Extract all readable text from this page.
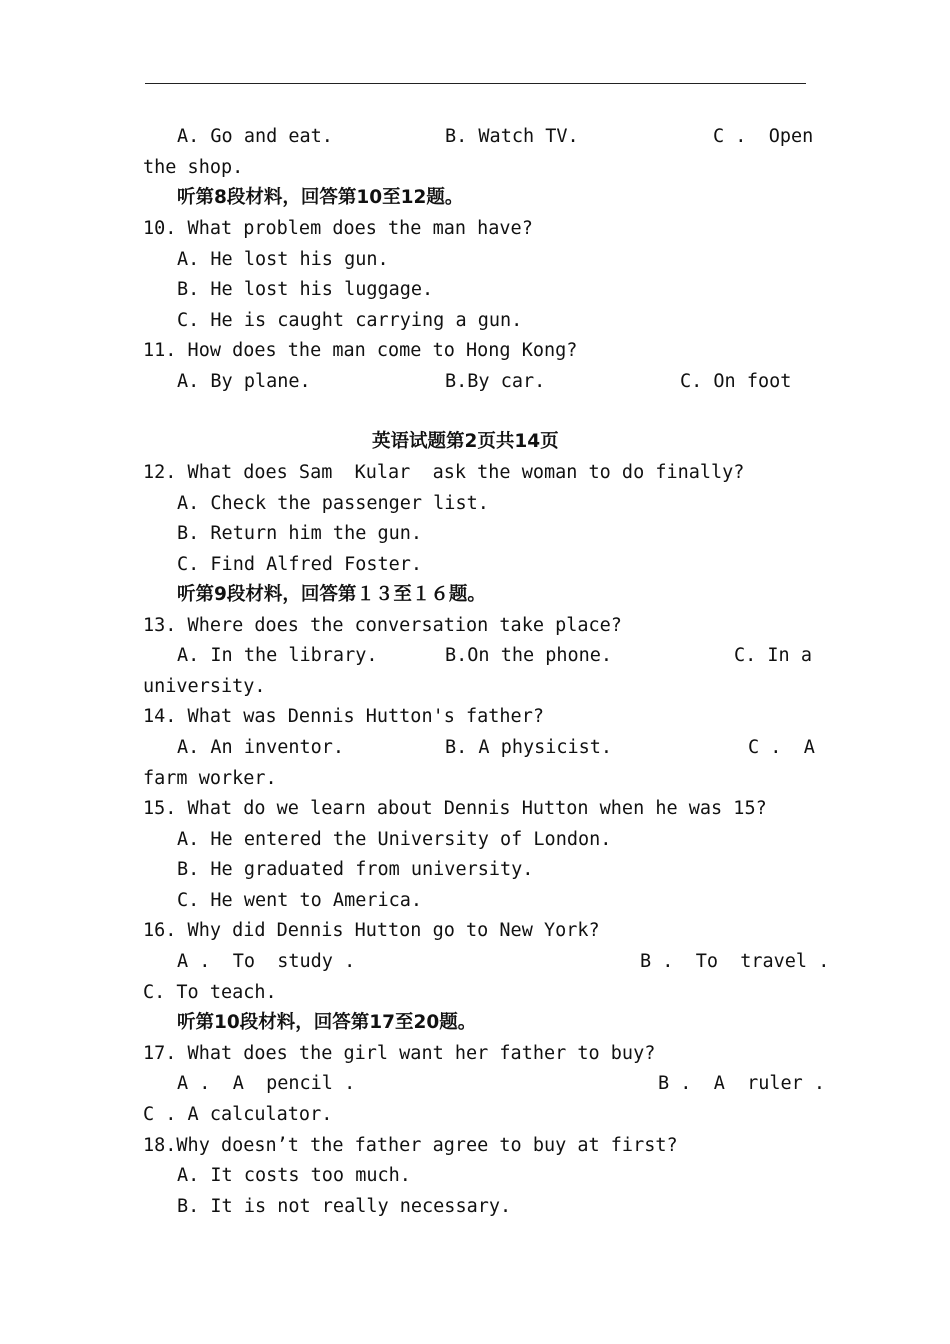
A. Go and eat.	B. Watch TV.	C .  Open
the shop.
听第8段材料，回答第10至12题。
10. What problem does the man have?
A. He lost his gun.
B. He lost his luggage.
C. He is caught carrying a gun.
11. How does the man come to Hong Kong?
A. By plane.	B.By car.	C. On foot
英语试题第2页共14页
12. What does Sam  Kular  ask the woman to do finally?
A. Check the passenger list.
B. Return him the gun.
C. Find Alfred Foster.
听第9段材料，回答第１３至１６题。
13. Where does the conversation take place?
A. In the library.	B.On the phone.	C. In a
university.
14. What was Dennis Hutton's father?
A. An inventor.	B. A physicist.	C .  A
farm worker.
15. What do we learn about Dennis Hutton when he was 15?
A. He entered the University of London.
B. He graduated from university.
C. He went to America.
16. Why did Dennis Hutton go to New York?
A .  To  study .	B .  To  travel .
C. To teach.
听第10段材料，回答第17至20题。
17. What does the girl want her father to buy?
A .  A  pencil .	B .  A  ruler .
C . A calculator.
18.Why doesn’t the father agree to buy at first?
A. It costs too much.
B. It is not really necessary.
